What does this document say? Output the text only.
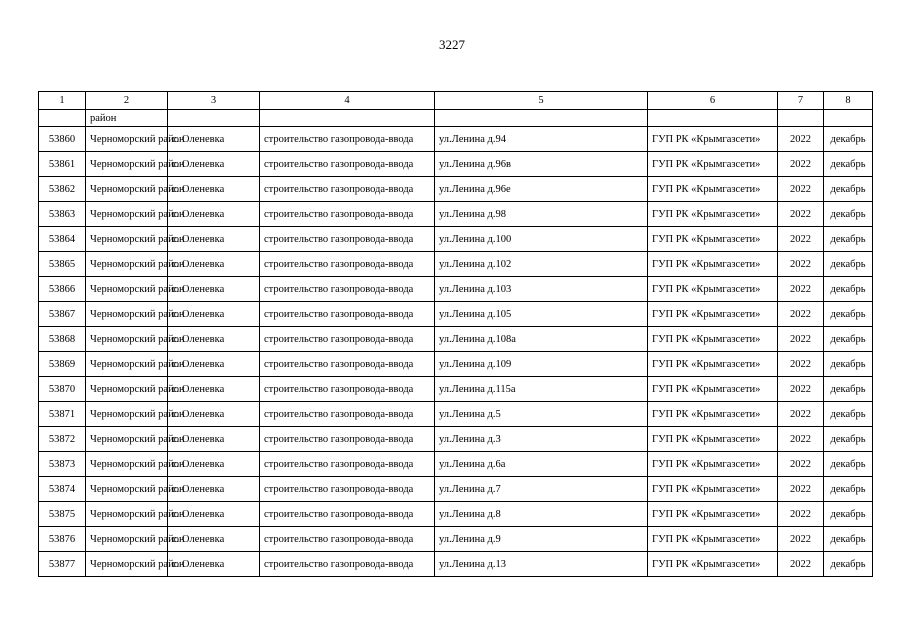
3227
1	2	3	4	5	6	7	8
	район						
53860	Черноморский район	с. Оленевка	строительство газопровода-ввода	ул.Ленина д.94	ГУП РК «Крымгазсети»	2022	декабрь
53861	Черноморский район	с. Оленевка	строительство газопровода-ввода	ул.Ленина д.96в	ГУП РК «Крымгазсети»	2022	декабрь
53862	Черноморский район	с. Оленевка	строительство газопровода-ввода	ул.Ленина д.96е	ГУП РК «Крымгазсети»	2022	декабрь
53863	Черноморский район	с. Оленевка	строительство газопровода-ввода	ул.Ленина д.98	ГУП РК «Крымгазсети»	2022	декабрь
53864	Черноморский район	с. Оленевка	строительство газопровода-ввода	ул.Ленина д.100	ГУП РК «Крымгазсети»	2022	декабрь
53865	Черноморский район	с. Оленевка	строительство газопровода-ввода	ул.Ленина д.102	ГУП РК «Крымгазсети»	2022	декабрь
53866	Черноморский район	с. Оленевка	строительство газопровода-ввода	ул.Ленина д.103	ГУП РК «Крымгазсети»	2022	декабрь
53867	Черноморский район	с. Оленевка	строительство газопровода-ввода	ул.Ленина д.105	ГУП РК «Крымгазсети»	2022	декабрь
53868	Черноморский район	с. Оленевка	строительство газопровода-ввода	ул.Ленина д.108а	ГУП РК «Крымгазсети»	2022	декабрь
53869	Черноморский район	с. Оленевка	строительство газопровода-ввода	ул.Ленина д.109	ГУП РК «Крымгазсети»	2022	декабрь
53870	Черноморский район	с. Оленевка	строительство газопровода-ввода	ул.Ленина д.115а	ГУП РК «Крымгазсети»	2022	декабрь
53871	Черноморский район	с. Оленевка	строительство газопровода-ввода	ул.Ленина д.5	ГУП РК «Крымгазсети»	2022	декабрь
53872	Черноморский район	с. Оленевка	строительство газопровода-ввода	ул.Ленина д.3	ГУП РК «Крымгазсети»	2022	декабрь
53873	Черноморский район	с. Оленевка	строительство газопровода-ввода	ул.Ленина д.6а	ГУП РК «Крымгазсети»	2022	декабрь
53874	Черноморский район	с. Оленевка	строительство газопровода-ввода	ул.Ленина д.7	ГУП РК «Крымгазсети»	2022	декабрь
53875	Черноморский район	с. Оленевка	строительство газопровода-ввода	ул.Ленина д.8	ГУП РК «Крымгазсети»	2022	декабрь
53876	Черноморский район	с. Оленевка	строительство газопровода-ввода	ул.Ленина д.9	ГУП РК «Крымгазсети»	2022	декабрь
53877	Черноморский район	с. Оленевка	строительство газопровода-ввода	ул.Ленина д.13	ГУП РК «Крымгазсети»	2022	декабрь
